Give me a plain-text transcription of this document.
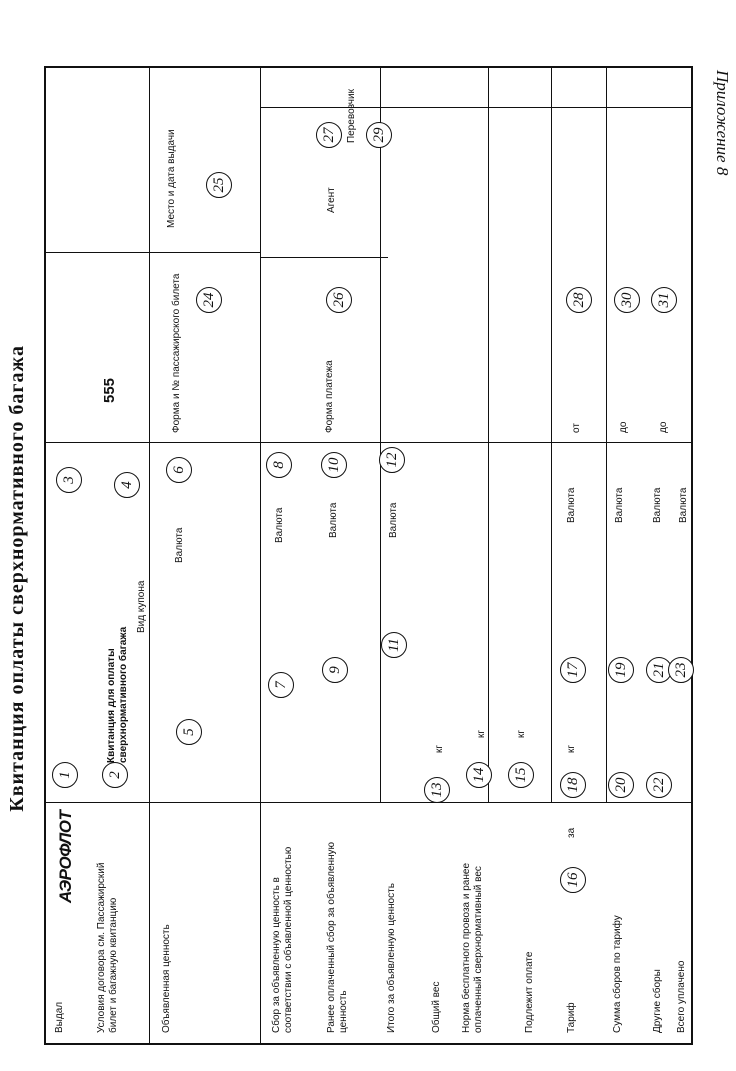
Приложение 8
Квитанция оплаты сверхнормативного багажа
Выдал
АЭРОФЛОТ
1
Условия договора см. Пассажирский билет и багажную квитанцию
2
Квитанция для оплаты сверхнормативного багажа
3
Вид купона
4
555
Объявленная ценность
5
Валюта
6
Форма и № пассажирского билета	24
Место и дата выдачи	25
Сбор за объявленную ценность в соответствии с объявленной ценностью
7
Валюта
8
Ранее оплаченный сбор за объявленную ценность
9
Валюта
10
Форма платежа
26
Агент
27 Перевозчик 29
Итого за объявленную ценность
11
Валюта
12
Общий вес
13
кг
Норма бесплатного провоза и ранее оплаченный сверхнормативный вес
14
кг
Подлежит оплате
15
кг
Тариф
16
за
18
кг
17
Валюта
Сумма сборов по тарифу
20
19
Валюта
Другие сборы
22
21
Валюта
Всего уплачено
23
Валюта
от
28
до
30
до
31
